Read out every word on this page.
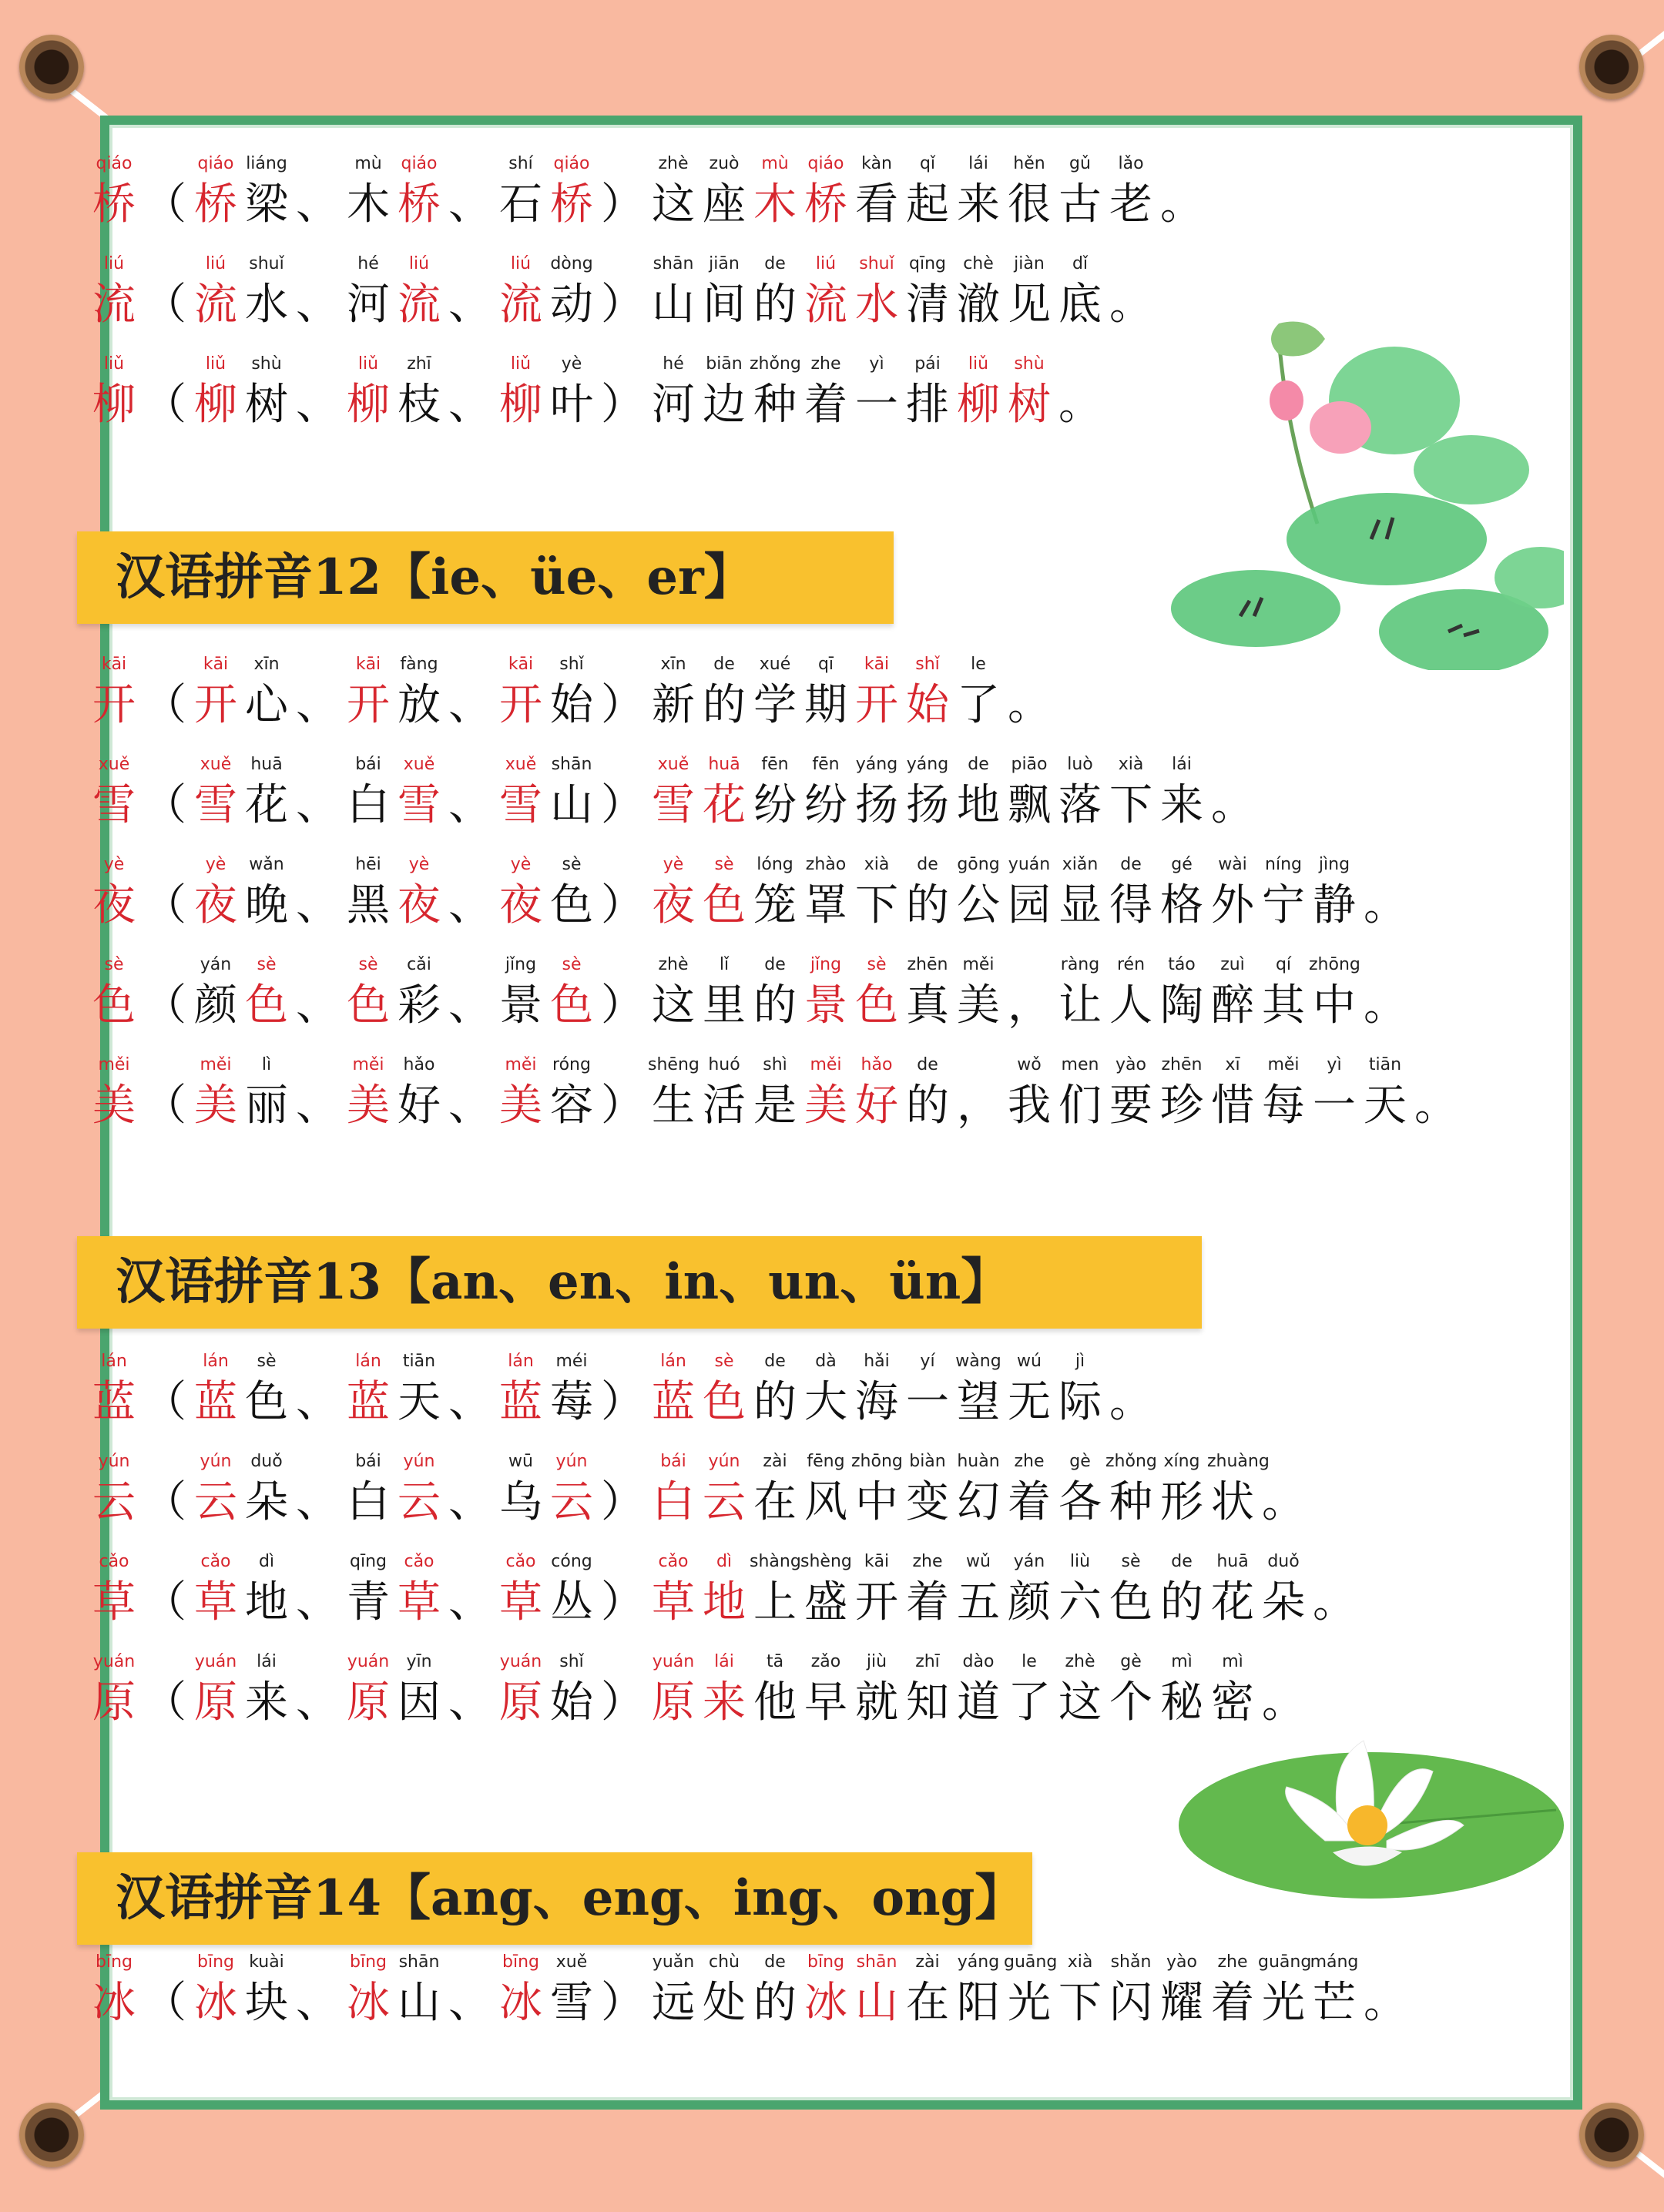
qiáo
桥 （
qiáo
桥
liáng
梁 、
mù
木
qiáo
桥 、
shí
石
qiáo
桥 ）
zhè
这
zuò
座
mù
木
qiáo
桥
kàn
看
qǐ
起
lái
来
hěn
很
gǔ
古
lǎo
老 。
liú
流 （
liú
流
shuǐ
水 、
hé
河
liú
流 、
liú
流
dòng
动 ）
shān
山
jiān
间
de
的
liú
流
shuǐ
水
qīng
清
chè
澈
jiàn
见
dǐ
底 。
liǔ
柳 （
liǔ
柳
shù
树 、
liǔ
柳
zhī
枝 、
liǔ
柳
yè
叶 ）
hé
河
biān
边
zhǒng
种
zhe
着
yì
一
pái
排
liǔ
柳
shù
树 。
汉语拼音12【ie、üe、er】
kāi
开 （
kāi
开
xīn
心 、
kāi
开
fàng
放 、
kāi
开
shǐ
始 ）
xīn
新
de
的
xué
学
qī
期
kāi
开
shǐ
始
le
了 。
xuě
雪 （
xuě
雪
huā
花 、
bái
白
xuě
雪 、
xuě
雪
shān
山 ）
xuě
雪
huā
花
fēn
纷
fēn
纷
yáng
扬
yáng
扬
de
地
piāo
飘
luò
落
xià
下
lái
来 。
yè
夜 （
yè
夜
wǎn
晚 、
hēi
黑
yè
夜 、
yè
夜
sè
色 ）
yè
夜
sè
色
lóng
笼
zhào
罩
xià
下
de
的
gōng
公
yuán
园
xiǎn
显
de
得
gé
格
wài
外
níng
宁
jìng
静 。
sè
色 （
yán
颜
sè
色 、
sè
色
cǎi
彩 、
jǐng
景
sè
色 ）
zhè
这
lǐ
里
de
的
jǐng
景
sè
色
zhēn
真
měi
美 ，
ràng
让
rén
人
táo
陶
zuì
醉
qí
其
zhōng
中 。
měi
美 （
měi
美
lì
丽 、
měi
美
hǎo
好 、
měi
美
róng
容 ）
shēng
生
huó
活
shì
是
měi
美
hǎo
好
de
的 ，
wǒ
我
men
们
yào
要
zhēn
珍
xī
惜
měi
每
yì
一
tiān
天 。
汉语拼音13【an、en、in、un、ün】
lán
蓝 （
lán
蓝
sè
色 、
lán
蓝
tiān
天 、
lán
蓝
méi
莓 ）
lán
蓝
sè
色
de
的
dà
大
hǎi
海
yí
一
wàng
望
wú
无
jì
际 。
yún
云 （
yún
云
duǒ
朵 、
bái
白
yún
云 、
wū
乌
yún
云 ）
bái
白
yún
云
zài
在
fēng
风
zhōng
中
biàn
变
huàn
幻
zhe
着
gè
各
zhǒng
种
xíng
形
zhuàng
状 。
cǎo
草 （
cǎo
草
dì
地 、
qīng
青
cǎo
草 、
cǎo
草
cóng
丛 ）
cǎo
草
dì
地
shàng
上
shèng
盛
kāi
开
zhe
着
wǔ
五
yán
颜
liù
六
sè
色
de
的
huā
花
duǒ
朵 。
yuán
原 （
yuán
原
lái
来 、
yuán
原
yīn
因 、
yuán
原
shǐ
始 ）
yuán
原
lái
来
tā
他
zǎo
早
jiù
就
zhī
知
dào
道
le
了
zhè
这
gè
个
mì
秘
mì
密 。
汉语拼音14【ang、eng、ing、ong】
bīng
冰 （
bīng
冰
kuài
块 、
bīng
冰
shān
山 、
bīng
冰
xuě
雪 ）
yuǎn
远
chù
处
de
的
bīng
冰
shān
山
zài
在
yáng
阳
guāng
光
xià
下
shǎn
闪
yào
耀
zhe
着
guāng
光
máng
芒 。
